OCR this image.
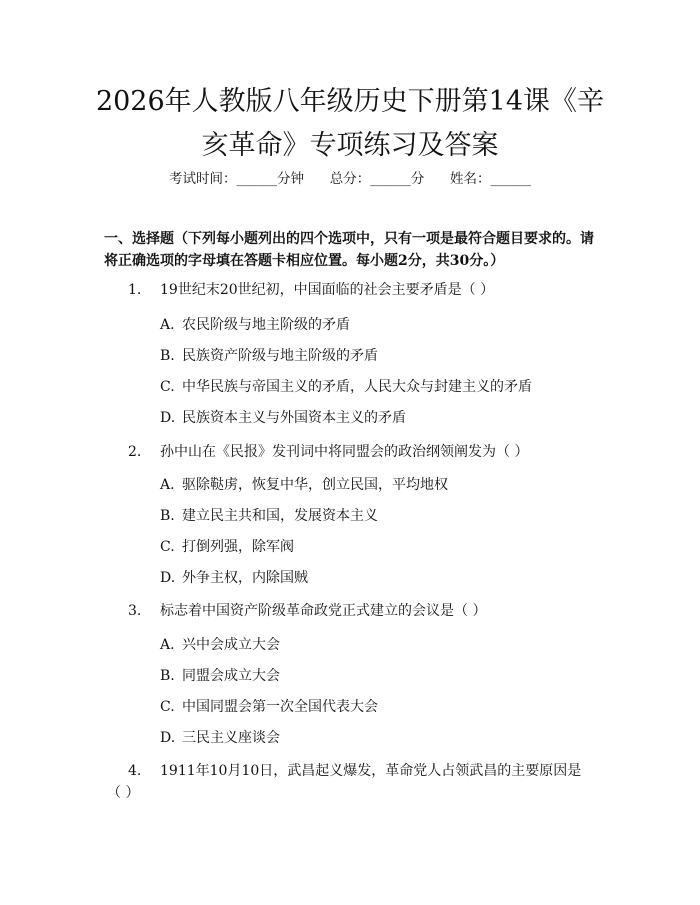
2026年人教版八年级历史下册第14课《辛
亥革命》专项练习及答案
考试时间：______分钟      总分：______分      姓名：______
一、选择题（下列每小题列出的四个选项中，只有一项是最符合题目要求的。请将正确选项的字母填在答题卡相应位置。每小题2分，共30分。）
1. 19世纪末20世纪初，中国面临的社会主要矛盾是（ ）
A. 农民阶级与地主阶级的矛盾
B. 民族资产阶级与地主阶级的矛盾
C. 中华民族与帝国主义的矛盾，人民大众与封建主义的矛盾
D. 民族资本主义与外国资本主义的矛盾
2. 孙中山在《民报》发刊词中将同盟会的政治纲领阐发为（ ）
A. 驱除鞑虏，恢复中华，创立民国，平均地权
B. 建立民主共和国，发展资本主义
C. 打倒列强，除军阀
D. 外争主权，内除国贼
3. 标志着中国资产阶级革命政党正式建立的会议是（ ）
A. 兴中会成立大会
B. 同盟会成立大会
C. 中国同盟会第一次全国代表大会
D. 三民主义座谈会
4. 1911年10月10日，武昌起义爆发，革命党人占领武昌的主要原因是
（ ）
